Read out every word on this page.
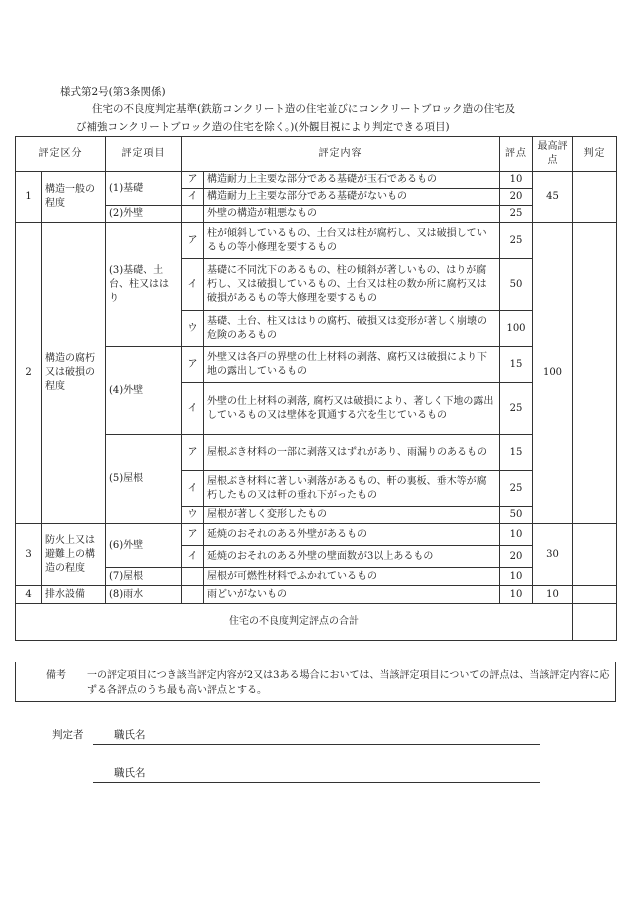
様式第2号(第3条関係)
住宅の不良度判定基準(鉄筋コンクリート造の住宅並びにコンクリートブロック造の住宅及
び補強コンクリートブロック造の住宅を除く。)(外観目視により判定できる項目)
評定区分		評定項目	評定内容		評点	最高評点	判定
1	構造一般の程度	(1)基礎	ア	構造耐力上主要な部分である基礎が玉石であるもの	10	45	
			イ	構造耐力上主要な部分である基礎がないもの	20		
		(2)外壁		外壁の構造が粗悪なもの	25		
2	構造の腐朽又は破損の程度	(3)基礎、土台、柱又ははり	ア	柱が傾斜しているもの、土台又は柱が腐朽し、又は破損しているもの等小修理を要するもの	25	100	
			イ	基礎に不同沈下のあるもの、柱の傾斜が著しいもの、はりが腐朽し、又は破損しているもの、土台又は柱の数か所に腐朽又は破損があるもの等大修理を要するもの	50		
			ウ	基礎、土台、柱又ははりの腐朽、破損又は変形が著しく崩壊の危険のあるもの	100		
		(4)外壁	ア	外壁又は各戸の界壁の仕上材料の剥落、腐朽又は破損により下地の露出しているもの	15		
			イ	外壁の仕上材料の剥落, 腐朽又は破損により、著しく下地の露出しているもの又は壁体を貫通する穴を生じているもの	25		
		(5)屋根	ア	屋根ぶき材料の一部に剥落又はずれがあり、雨漏りのあるもの	15		
			イ	屋根ぶき材料に著しい剥落があるもの、軒の裏板、垂木等が腐朽したもの又は軒の垂れ下がったもの	25		
			ウ	屋根が著しく変形したもの	50		
3	防火上又は避難上の構造の程度	(6)外壁	ア	延焼のおそれのある外壁があるもの	10	30	
			イ	延焼のおそれのある外壁の壁面数が3以上あるもの	20		
		(7)屋根		屋根が可燃性材料でふかれているもの	10		
4	排水設備	(8)雨水		雨どいがないもの	10	10	
住宅の不良度判定評点の合計							
備考 一の評定項目につき該当評定内容が2又は3ある場合においては、当該評定項目についての評点は、当該評定内容に応ずる各評点のうち最も高い評点とする。
判定者	職氏名
職氏名
